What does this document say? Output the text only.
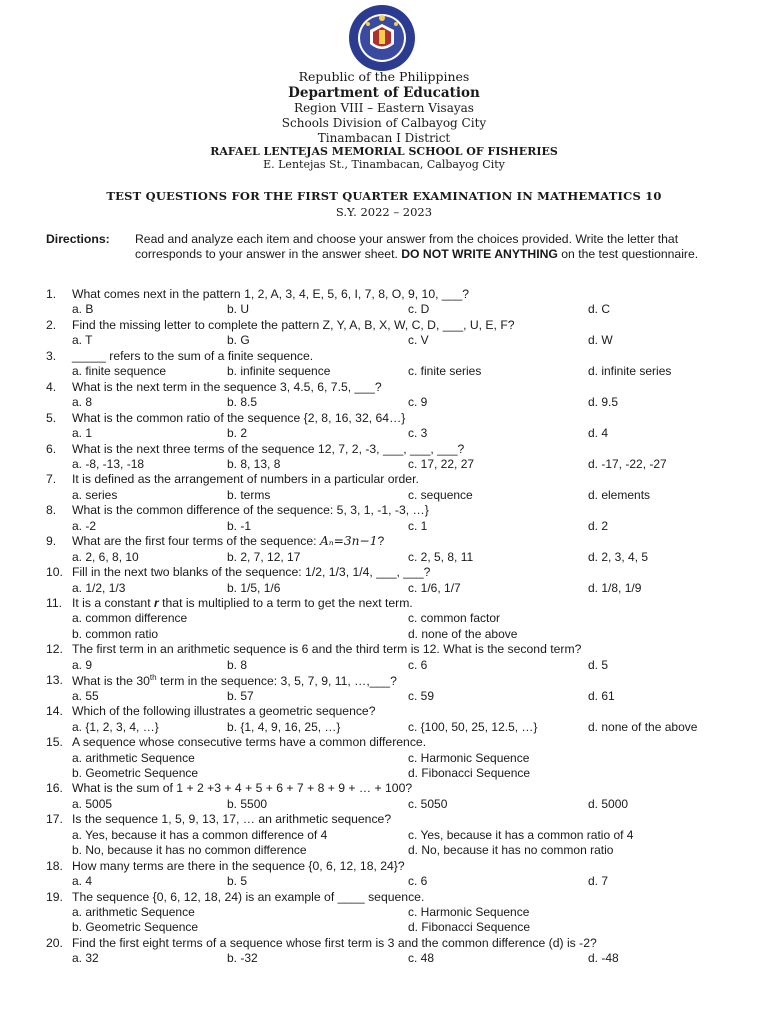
Republic of the Philippines
Department of Education
Region VIII – Eastern Visayas
Schools Division of Calbayog City
Tinambacan I District
RAFAEL LENTEJAS MEMORIAL SCHOOL OF FISHERIES
E. Lentejas St., Tinambacan, Calbayog City
TEST QUESTIONS FOR THE FIRST QUARTER EXAMINATION IN MATHEMATICS 10
S.Y. 2022 – 2023
Directions: Read and analyze each item and choose your answer from the choices provided. Write the letter that corresponds to your answer in the answer sheet. DO NOT WRITE ANYTHING on the test questionnaire.
1.	What comes next in the pattern 1, 2, A, 3, 4, E, 5, 6, I, 7, 8, O, 9, 10, ___?
a. B	b. U	c. D	d. C
2.	Find the missing letter to complete the pattern Z, Y, A, B, X, W, C, D, ___, U, E, F?
a. T	b. G	c. V	d. W
3.	_____ refers to the sum of a finite sequence.
a. finite sequence	b. infinite sequence	c. finite series	d. infinite series
4.	What is the next term in the sequence 3, 4.5, 6, 7.5, ___?
a. 8	b. 8.5	c. 9	d. 9.5
5.	What is the common ratio of the sequence {2, 8, 16, 32, 64…}
a. 1	b. 2	c. 3	d. 4
6.	What is the next three terms of the sequence 12, 7, 2, -3, ___, ___, ___?
a. -8, -13, -18	b. 8, 13, 8	c. 17, 22, 27	d. -17, -22, -27
7.	It is defined as the arrangement of numbers in a particular order.
a. series	b. terms	c. sequence	d. elements
8.	What is the common difference of the sequence: 5, 3, 1, -1, -3, …}
a. -2	b. -1	c. 1	d. 2
9.	What are the first four terms of the sequence: Aₙ=3n−1?
a. 2, 6, 8, 10	b. 2, 7, 12, 17	c. 2, 5, 8, 11	d. 2, 3, 4, 5
10. Fill in the next two blanks of the sequence: 1/2, 1/3, 1/4, ___, ___?
a. 1/2, 1/3	b. 1/5, 1/6	c. 1/6, 1/7	d. 1/8, 1/9
11. It is a constant r that is multiplied to a term to get the next term.
a. common difference	c. common factor
b. common ratio	d. none of the above
12. The first term in an arithmetic sequence is 6 and the third term is 12. What is the second term?
a. 9	b. 8	c. 6	d. 5
13. What is the 30th term in the sequence: 3, 5, 7, 9, 11, …,___?
a. 55	b. 57	c. 59	d. 61
14. Which of the following illustrates a geometric sequence?
a. {1, 2, 3, 4, …}	b. {1, 4, 9, 16, 25, …}	c. {100, 50, 25, 12.5, …}	d. none of the above
15. A sequence whose consecutive terms have a common difference.
a. arithmetic Sequence	c. Harmonic Sequence
b. Geometric Sequence	d. Fibonacci Sequence
16. What is the sum of 1 + 2 +3 + 4 + 5 + 6 + 7 + 8 + 9 + … + 100?
a. 5005	b. 5500	c. 5050	d. 5000
17. Is the sequence 1, 5, 9, 13, 17, … an arithmetic sequence?
a. Yes, because it has a common difference of 4	c. Yes, because it has a common ratio of 4
b. No, because it has no common difference	d. No, because it has no common ratio
18. How many terms are there in the sequence {0, 6, 12, 18, 24}?
a. 4	b. 5	c. 6	d. 7
19. The sequence {0, 6, 12, 18, 24) is an example of ____ sequence.
a. arithmetic Sequence	c. Harmonic Sequence
b. Geometric Sequence	d. Fibonacci Sequence
20. Find the first eight terms of a sequence whose first term is 3 and the common difference (d) is -2?
a. 32	b. -32	c. 48	d. -48
